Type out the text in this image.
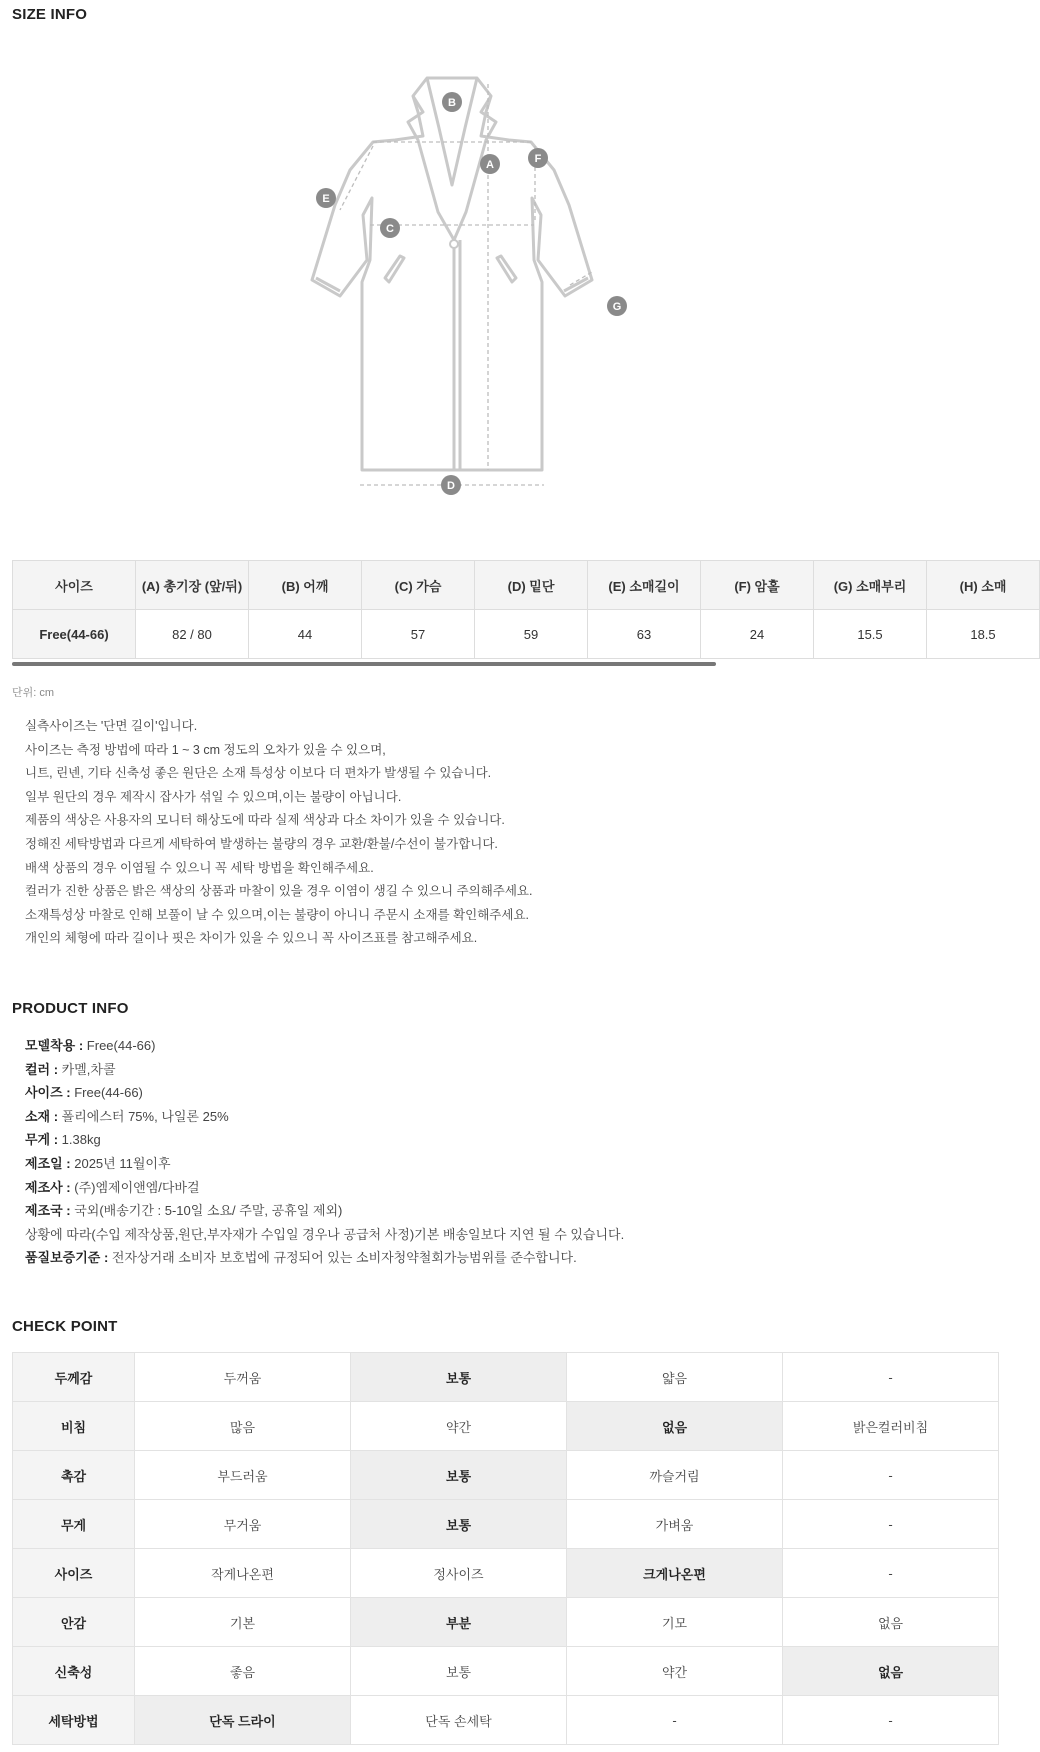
SIZE INFO
A
B
C
D
E
F
G
사이즈	(A) 총기장 (앞/뒤)	(B) 어깨	(C) 가슴	(D) 밑단	(E) 소매길이	(F) 암홀	(G) 소매부리	(H) 소매
Free(44-66)	82 / 80	44	57	59	63	24	15.5	18.5
단위: cm
실측사이즈는 '단면 길이'입니다.
사이즈는 측정 방법에 따라 1 ~ 3 cm 정도의 오차가 있을 수 있으며,
니트, 린넨, 기타 신축성 좋은 원단은 소재 특성상 이보다 더 편차가 발생될 수 있습니다.
일부 원단의 경우 제작시 잡사가 섞일 수 있으며,이는 불량이 아닙니다.
제품의 색상은 사용자의 모니터 해상도에 따라 실제 색상과 다소 차이가 있을 수 있습니다.
정해진 세탁방법과 다르게 세탁하여 발생하는 불량의 경우 교환/환불/수선이 불가합니다.
배색 상품의 경우 이염될 수 있으니 꼭 세탁 방법을 확인해주세요.
컬러가 진한 상품은 밝은 색상의 상품과 마찰이 있을 경우 이염이 생길 수 있으니 주의해주세요.
소재특성상 마찰로 인해 보풀이 날 수 있으며,이는 불량이 아니니 주문시 소재를 확인해주세요.
개인의 체형에 따라 길이나 핏은 차이가 있을 수 있으니 꼭 사이즈표를 참고해주세요.
PRODUCT INFO
모델착용 : Free(44-66)
컬러 : 카멜,차콜
사이즈 : Free(44-66)
소재 : 폴리에스터 75%, 나일론 25%
무게 : 1.38kg
제조일 : 2025년 11월이후
제조사 : (주)엠제이앤엠/다바걸
제조국 : 국외(배송기간 : 5-10일 소요/ 주말, 공휴일 제외)
상황에 따라(수입 제작상품,원단,부자재가 수입일 경우나 공급처 사정)기본 배송일보다 지연 될 수 있습니다.
품질보증기준 : 전자상거래 소비자 보호법에 규정되어 있는 소비자청약철회가능범위를 준수합니다.
CHECK POINT
두께감	두꺼움	보통	얇음	-
비침	많음	약간	없음	밝은컬러비침
촉감	부드러움	보통	까슬거림	-
무게	무거움	보통	가벼움	-
사이즈	작게나온편	정사이즈	크게나온편	-
안감	기본	부분	기모	없음
신축성	좋음	보통	약간	없음
세탁방법	단독 드라이	단독 손세탁	-	-
